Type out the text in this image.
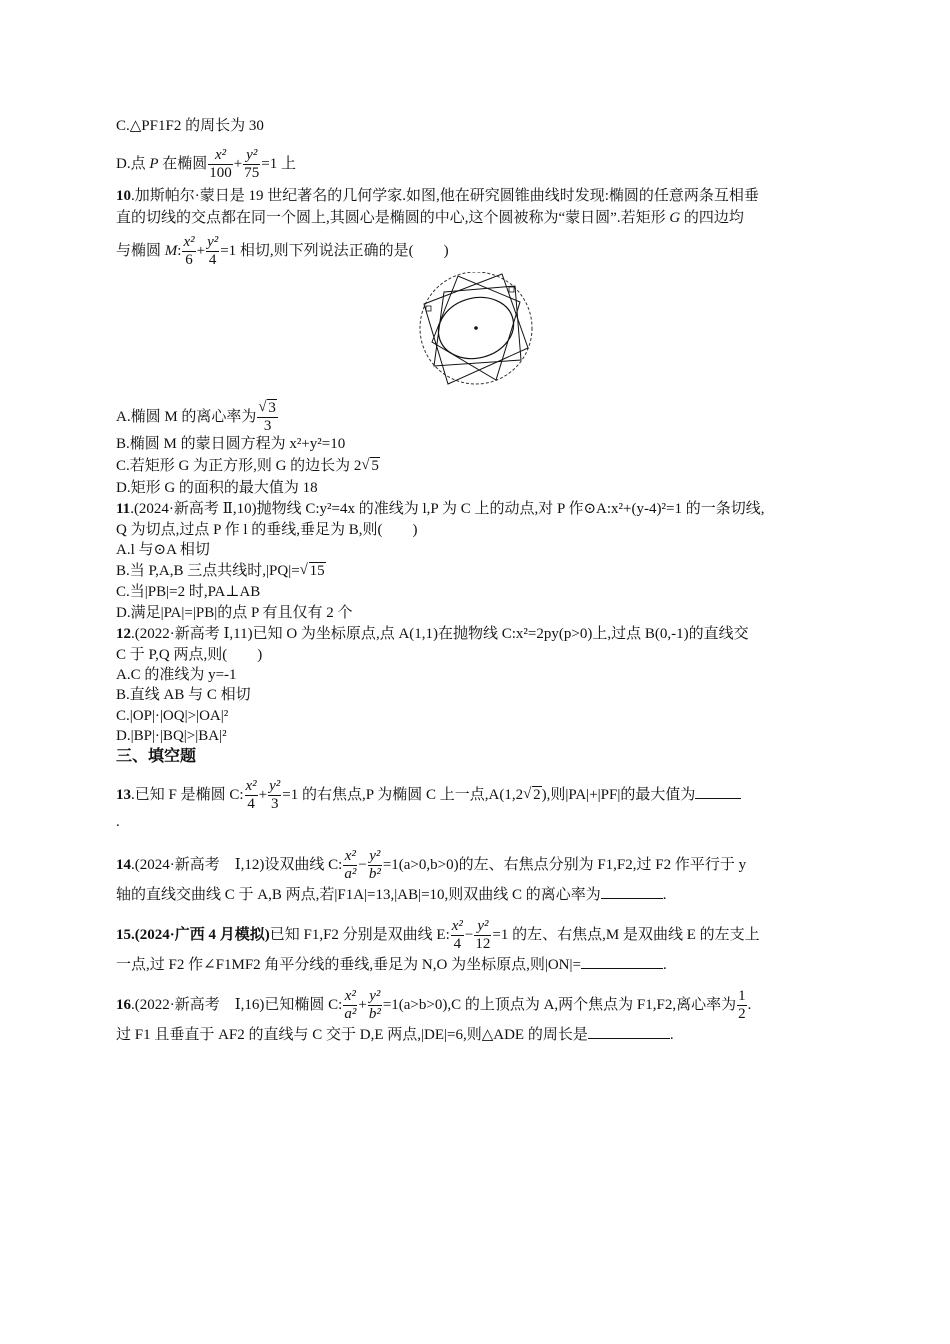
C.△PF1F2 的周长为 30
D.点 P 在椭圆 $\frac{\text{x²}}{100} + \frac{\text{y²}}{75} =1$ 上
10.加斯帕尔·蒙日是 19 世纪著名的几何学家.如图,他在研究圆锥曲线时发现:椭圆的任意两条互相垂
直的切线的交点都在同一个圆上,其圆心是椭圆的中心,这个圆被称为“蒙日圆”.若矩形 G 的四边均
与椭圆 M: $\frac{\text{x²}}{6} + \frac{\text{y²}}{4} =1$ 相切,则下列说法正确的是(　　)
A.椭圆 M 的离心率为 √ $\frac{3}{3}$
B.椭圆 M 的蒙日圆方程为 x²+y²=10
C.若矩形 G 为正方形,则 G 的边长为 2 √ 5
D.矩形 G 的面积的最大值为 18
11.(2024·新高考 Ⅱ,10)抛物线 C:y²=4x 的准线为 l,P 为 C 上的动点,对 P 作⊙A:x²+(y-4)²=1 的一条切线,
Q 为切点,过点 P 作 l 的垂线,垂足为 B,则(　　)
A.l 与⊙A 相切
B.当 P,A,B 三点共线时,|PQ|= √ 15
C.当|PB|=2 时,PA⊥AB
D.满足|PA|=|PB|的点 P 有且仅有 2 个
12.(2022·新高考 Ⅰ,11)已知 O 为坐标原点,点 A(1,1)在抛物线 C:x²=2py(p>0)上,过点 B(0,-1)的直线交
C 于 P,Q 两点,则(　　)
A.C 的准线为 y=-1
B.直线 AB 与 C 相切
C.|OP|·|OQ|>|OA|²
D.|BP|·|BQ|>|BA|²
三、填空题
13.已知 F 是椭圆 C: $\frac{\text{x²}}{4} + \frac{\text{y²}}{3} =1$ 的右焦点,P 为椭圆 C 上一点,A(1,2 √ 2),则|PA|+|PF|的最大值为
.
14.(2024·新高考　Ⅰ,12)设双曲线 C: $\frac{\text{x²}}{\text{a²}} - \frac{\text{y²}}{\text{b²}} =1(a>0,b>0)$的左、右焦点分别为 F1,F2,过 F2 作平行于 y
轴的直线交曲线 C 于 A,B 两点,若|F1A|=13,|AB|=10,则双曲线 C 的离心率为	.
15.(2024·广西 4 月模拟)已知 F1,F2 分别是双曲线 E: $\frac{\text{x²}}{4} - \frac{\text{y²}}{12} =1$ 的左、右焦点,M 是双曲线 E 的左支上
一点,过 F2 作∠F1MF2 角平分线的垂线,垂足为 N,O 为坐标原点,则|ON|=	.
16.(2022·新高考　Ⅰ,16)已知椭圆 C: $\frac{\text{x²}}{\text{a²}} + \frac{\text{y²}}{\text{b²}} =1(a>b>0),C$ 的上顶点为 A,两个焦点为 F1,F2,离心率为 $\frac{1}{2}$ .
过 F1 且垂直于 AF2 的直线与 C 交于 D,E 两点,|DE|=6,则△ADE 的周长是	.
